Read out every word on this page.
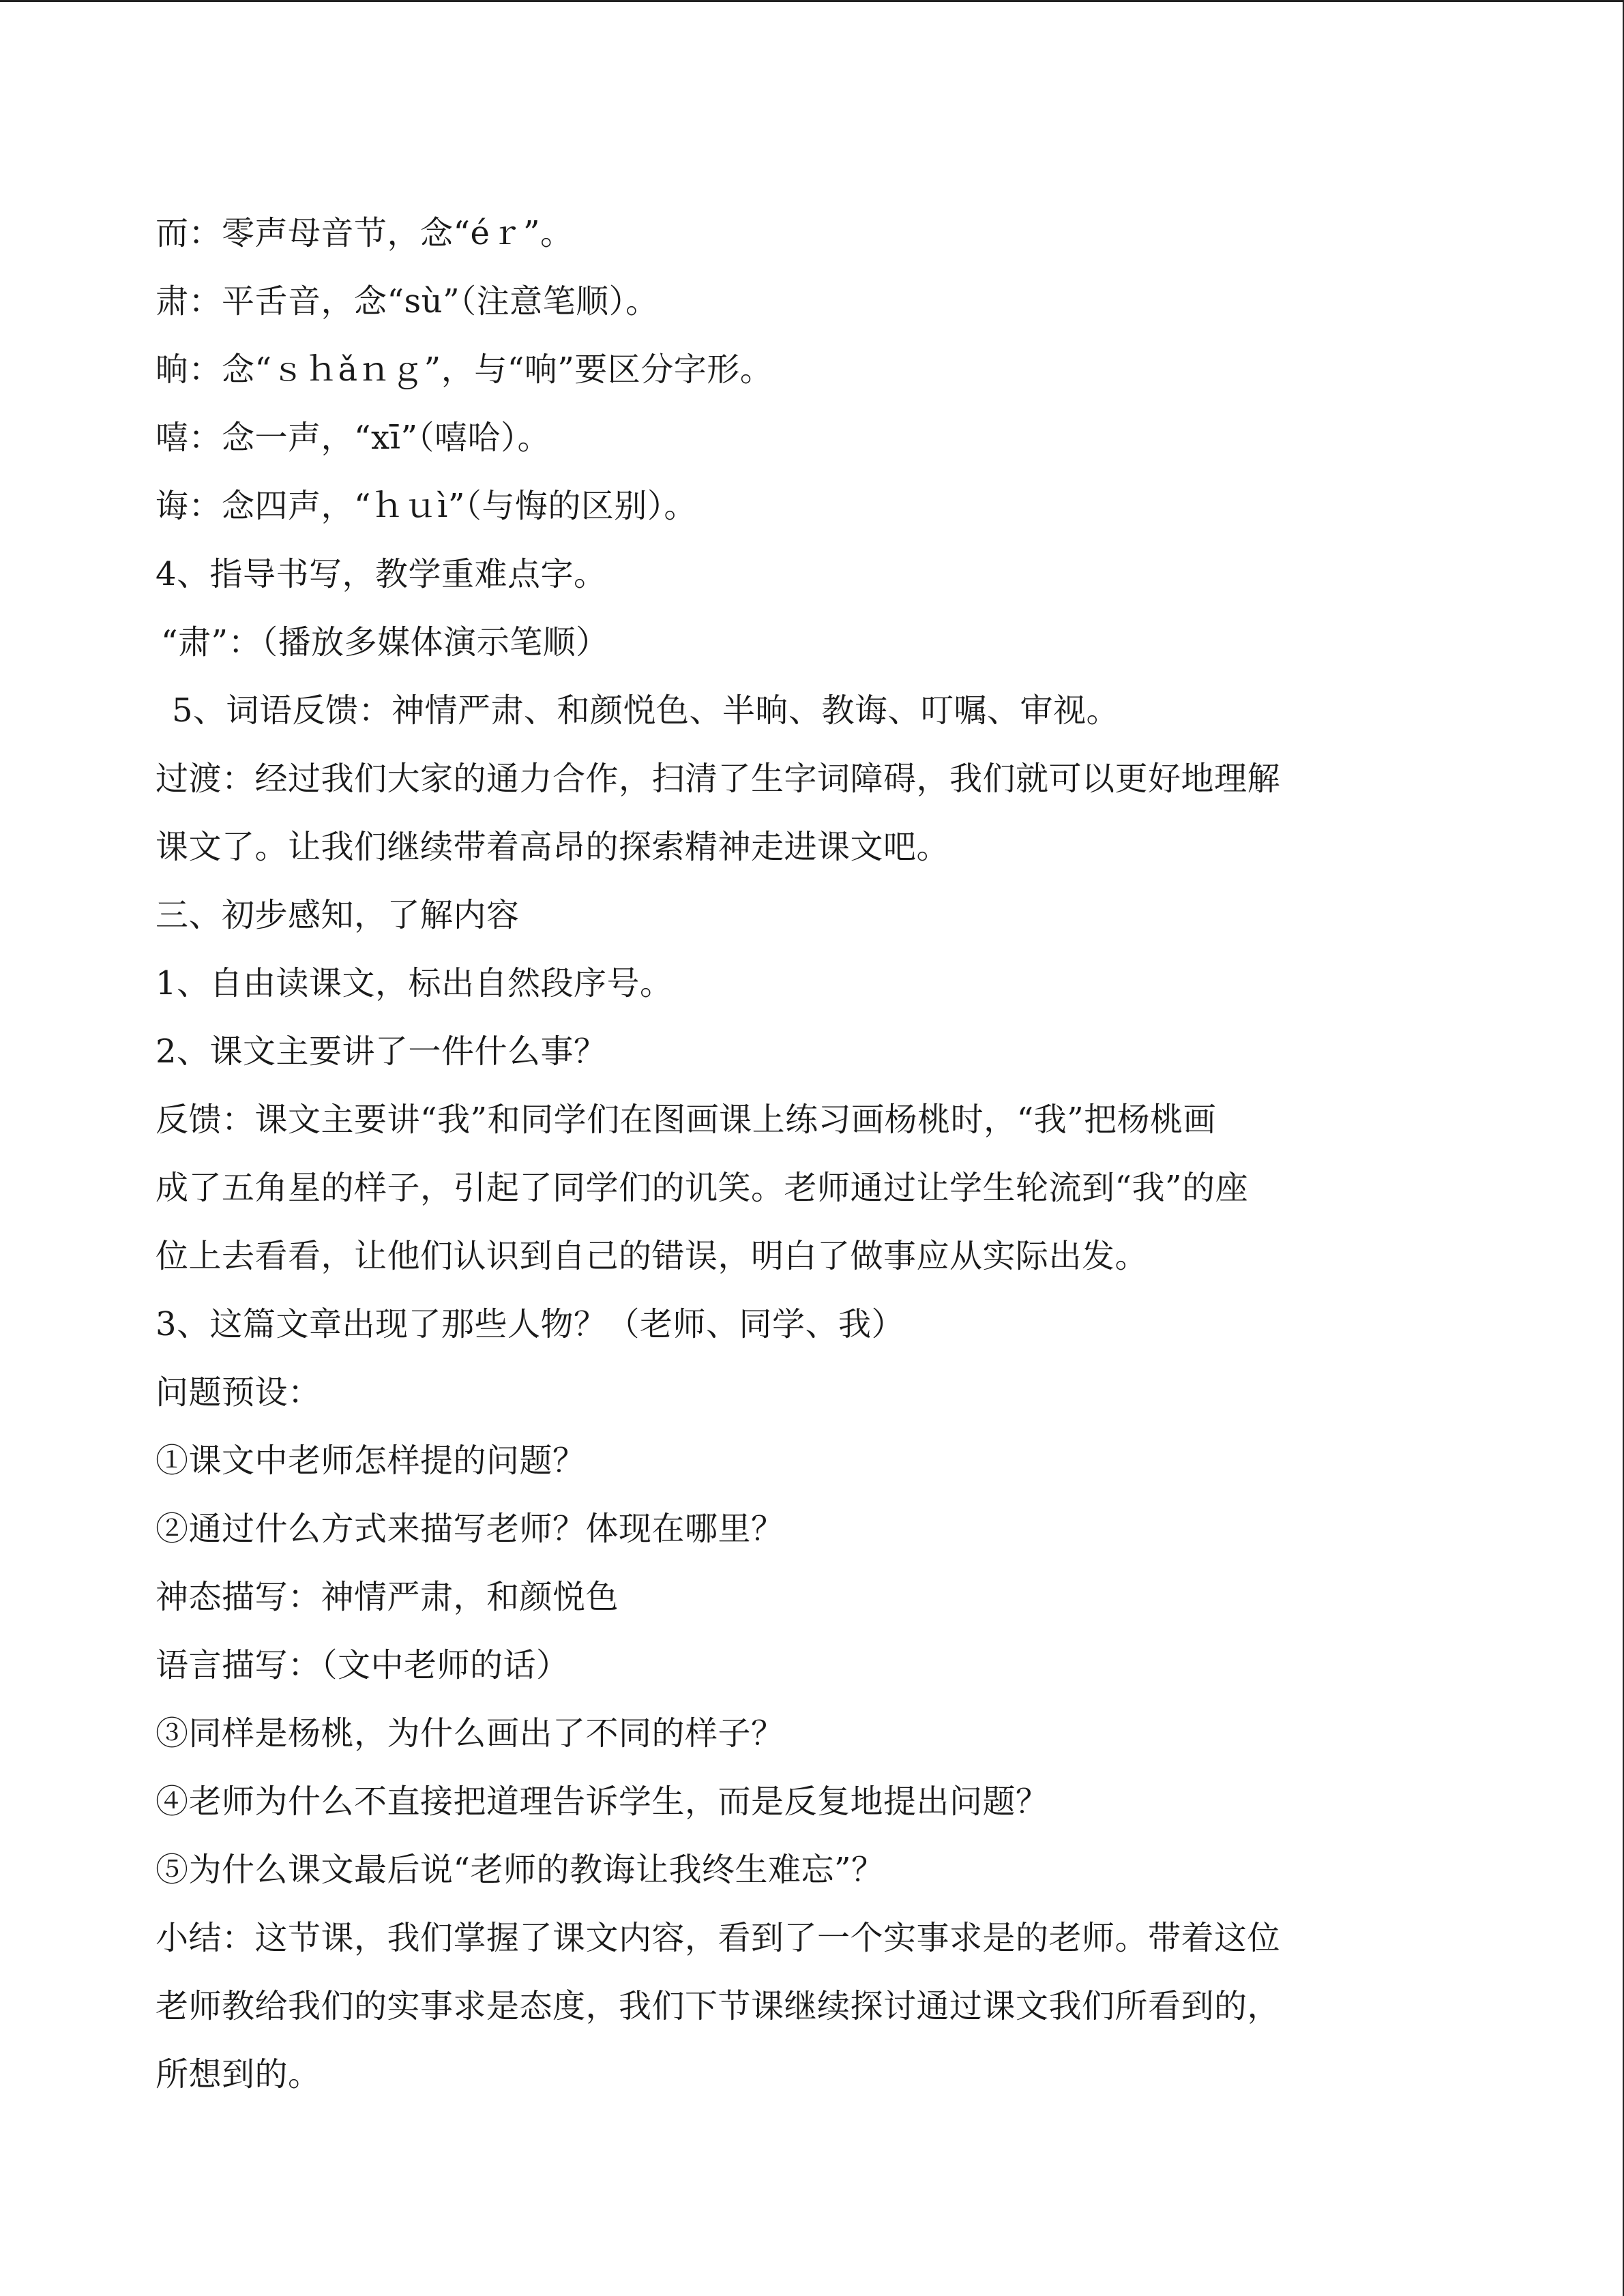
而：零声母音节，念“éｒ”。
肃：平舌音，念“sù”（注意笔顺）。
晌：念“ｓｈǎｎｇ”，与“响”要区分字形。
嘻：念一声，“xī”（嘻哈）。
诲：念四声，“ｈｕì”（与悔的区别）。
4、指导书写，教学重难点字。
“肃”：（播放多媒体演示笔顺）
5、词语反馈：神情严肃、和颜悦色、半晌、教诲、叮嘱、审视。
过渡：经过我们大家的通力合作，扫清了生字词障碍，我们就可以更好地理解
课文了。让我们继续带着高昂的探索精神走进课文吧。
三、初步感知，了解内容
1、自由读课文，标出自然段序号。
2、课文主要讲了一件什么事？
反馈：课文主要讲“我”和同学们在图画课上练习画杨桃时，“我”把杨桃画
成了五角星的样子，引起了同学们的讥笑。老师通过让学生轮流到“我”的座
位上去看看，让他们认识到自己的错误，明白了做事应从实际出发。
3、这篇文章出现了那些人物？（老师、同学、我）
问题预设：
①课文中老师怎样提的问题？
②通过什么方式来描写老师？体现在哪里？
神态描写：神情严肃，和颜悦色
语言描写：（文中老师的话）
③同样是杨桃，为什么画出了不同的样子？
④老师为什么不直接把道理告诉学生，而是反复地提出问题？
⑤为什么课文最后说“老师的教诲让我终生难忘”？
小结：这节课，我们掌握了课文内容，看到了一个实事求是的老师。带着这位
老师教给我们的实事求是态度，我们下节课继续探讨通过课文我们所看到的，
所想到的。
